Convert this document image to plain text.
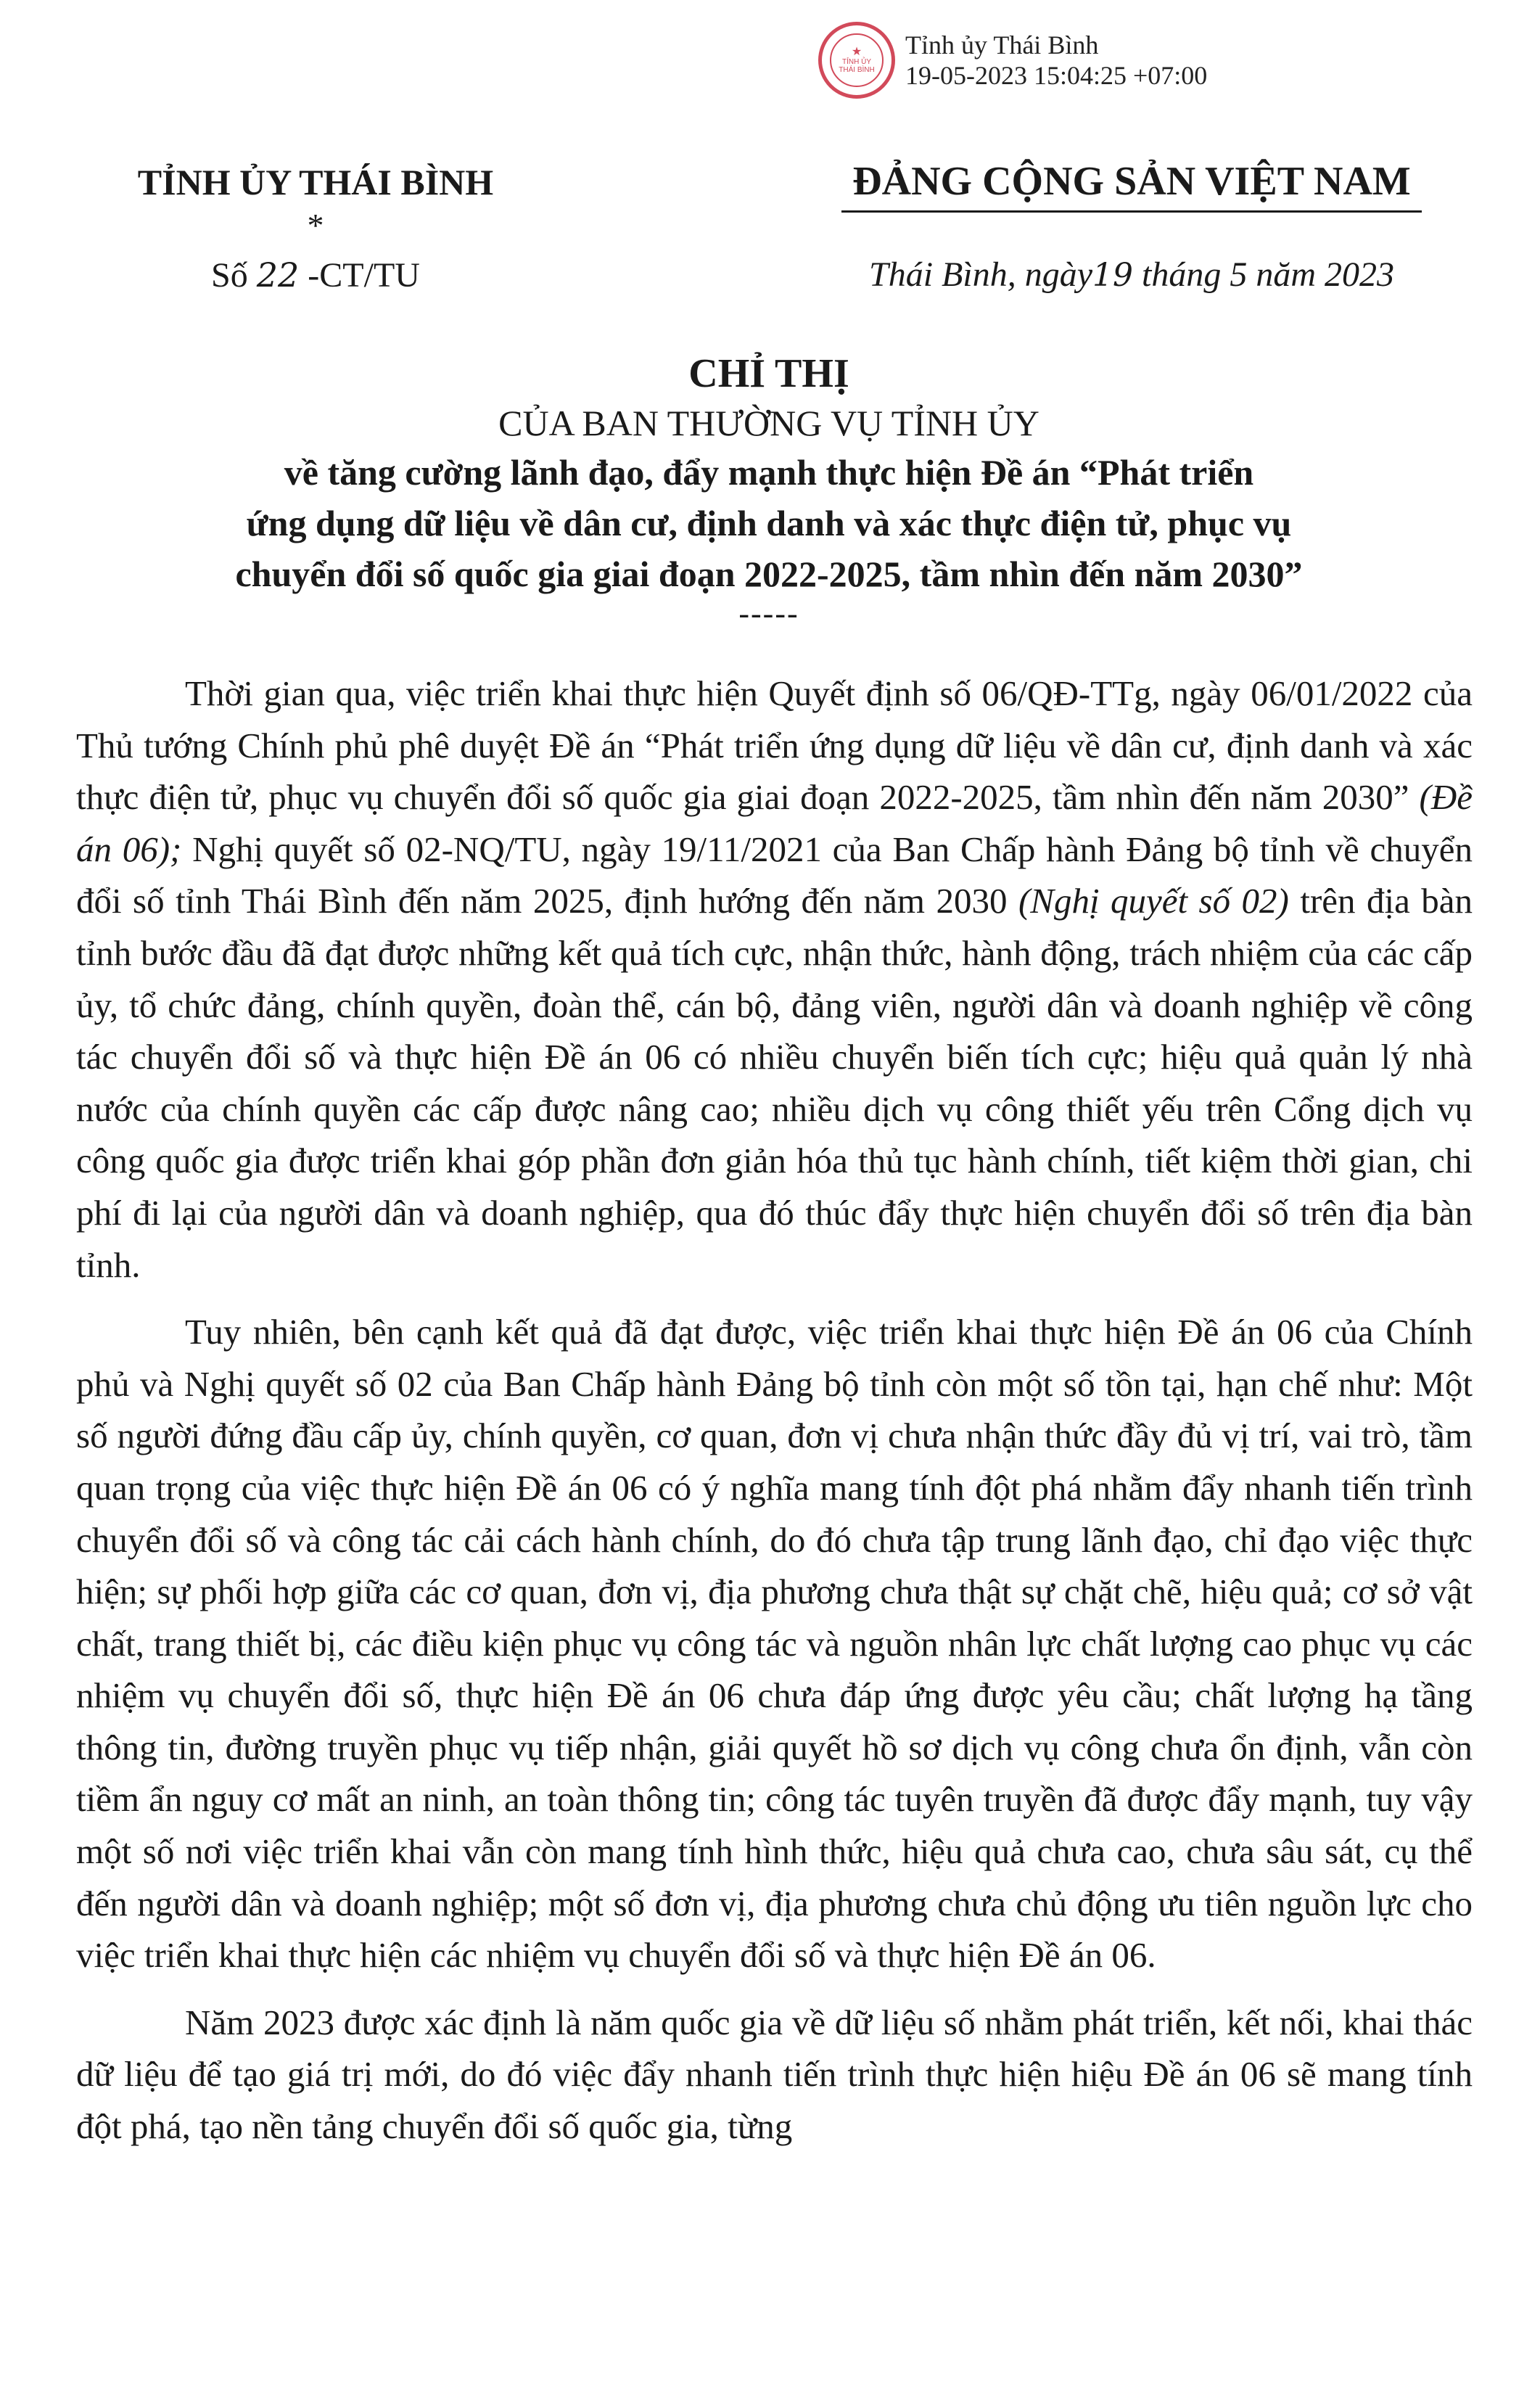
★
TỈNH ỦY
THÁI BÌNH
Tỉnh ủy Thái Bình
19-05-2023 15:04:25 +07:00
TỈNH ỦY THÁI BÌNH
*
Số 22 -CT/TU
ĐẢNG CỘNG SẢN VIỆT NAM
Thái Bình, ngày19 tháng 5 năm 2023
CHỈ THỊ
CỦA BAN THƯỜNG VỤ TỈNH ỦY
về tăng cường lãnh đạo, đẩy mạnh thực hiện Đề án “Phát triển
ứng dụng dữ liệu về dân cư, định danh và xác thực điện tử, phục vụ
chuyển đổi số quốc gia giai đoạn 2022-2025, tầm nhìn đến năm 2030”
-----

Thời gian qua, việc triển khai thực hiện Quyết định số 06/QĐ-TTg, ngày 06/01/2022 của Thủ tướng Chính phủ phê duyệt Đề án “Phát triển ứng dụng dữ liệu về dân cư, định danh và xác thực điện tử, phục vụ chuyển đổi số quốc gia giai đoạn 2022-2025, tầm nhìn đến năm 2030” (Đề án 06); Nghị quyết số 02-NQ/TU, ngày 19/11/2021 của Ban Chấp hành Đảng bộ tỉnh về chuyển đổi số tỉnh Thái Bình đến năm 2025, định hướng đến năm 2030 (Nghị quyết số 02) trên địa bàn tỉnh bước đầu đã đạt được những kết quả tích cực, nhận thức, hành động, trách nhiệm của các cấp ủy, tổ chức đảng, chính quyền, đoàn thể, cán bộ, đảng viên, người dân và doanh nghiệp về công tác chuyển đổi số và thực hiện Đề án 06 có nhiều chuyển biến tích cực; hiệu quả quản lý nhà nước của chính quyền các cấp được nâng cao; nhiều dịch vụ công thiết yếu trên Cổng dịch vụ công quốc gia được triển khai góp phần đơn giản hóa thủ tục hành chính, tiết kiệm thời gian, chi phí đi lại của người dân và doanh nghiệp, qua đó thúc đẩy thực hiện chuyển đổi số trên địa bàn tỉnh.

Tuy nhiên, bên cạnh kết quả đã đạt được, việc triển khai thực hiện Đề án 06 của Chính phủ và Nghị quyết số 02 của Ban Chấp hành Đảng bộ tỉnh còn một số tồn tại, hạn chế như: Một số người đứng đầu cấp ủy, chính quyền, cơ quan, đơn vị chưa nhận thức đầy đủ vị trí, vai trò, tầm quan trọng của việc thực hiện Đề án 06 có ý nghĩa mang tính đột phá nhằm đẩy nhanh tiến trình chuyển đổi số và công tác cải cách hành chính, do đó chưa tập trung lãnh đạo, chỉ đạo việc thực hiện; sự phối hợp giữa các cơ quan, đơn vị, địa phương chưa thật sự chặt chẽ, hiệu quả; cơ sở vật chất, trang thiết bị, các điều kiện phục vụ công tác và nguồn nhân lực chất lượng cao phục vụ các nhiệm vụ chuyển đổi số, thực hiện Đề án 06 chưa đáp ứng được yêu cầu; chất lượng hạ tầng thông tin, đường truyền phục vụ tiếp nhận, giải quyết hồ sơ dịch vụ công chưa ổn định, vẫn còn tiềm ẩn nguy cơ mất an ninh, an toàn thông tin; công tác tuyên truyền đã được đẩy mạnh, tuy vậy một số nơi việc triển khai vẫn còn mang tính hình thức, hiệu quả chưa cao, chưa sâu sát, cụ thể đến người dân và doanh nghiệp; một số đơn vị, địa phương chưa chủ động ưu tiên nguồn lực cho việc triển khai thực hiện các nhiệm vụ chuyển đổi số và thực hiện Đề án 06.

Năm 2023 được xác định là năm quốc gia về dữ liệu số nhằm phát triển, kết nối, khai thác dữ liệu để tạo giá trị mới, do đó việc đẩy nhanh tiến trình thực hiện hiệu Đề án 06 sẽ mang tính đột phá, tạo nền tảng chuyển đổi số quốc gia, từng
